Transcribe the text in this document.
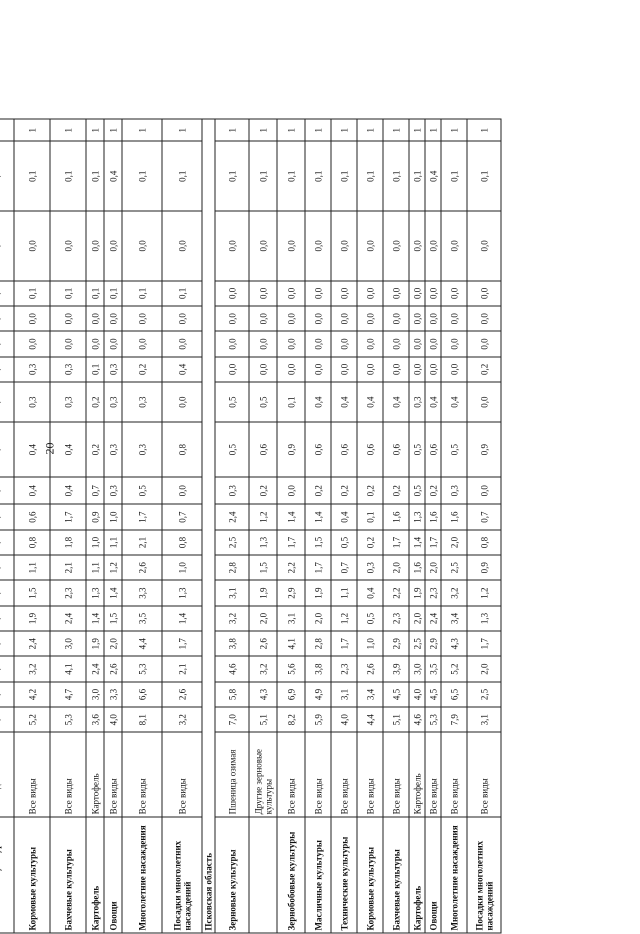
20

Кормовые культуры	Все виды	5,2	4,2	3,2	2,4	1,9	1,5	1,1	0,8	0,6	0,4	0,4	0,3	0,3	0,0	0,0	0,1	0,0	0,1	1
Бахчевые культуры	Все виды	5,3	4,7	4,1	3,0	2,4	2,3	2,1	1,8	1,7	0,4	0,4	0,3	0,3	0,0	0,0	0,1	0,0	0,1	1
Картофель	Картофель	3,6	3,0	2,4	1,9	1,4	1,3	1,1	1,0	0,9	0,7	0,2	0,2	0,1	0,0	0,0	0,1	0,0	0,1	1
Овощи	Все виды	4,0	3,3	2,6	2,0	1,5	1,4	1,2	1,1	1,0	0,3	0,3	0,3	0,3	0,0	0,0	0,1	0,0	0,4	1
Многолетние насаждения	Все виды	8,1	6,6	5,3	4,4	3,5	3,3	2,6	2,1	1,7	0,5	0,3	0,3	0,2	0,0	0,0	0,1	0,0	0,1	1
Посадки многолетних насаждений	Все виды	3,2	2,6	2,1	1,7	1,4	1,3	1,0	0,8	0,7	0,0	0,8	0,0	0,4	0,0	0,0	0,1	0,0	0,1	1
Псковская область																				
Зерновые культуры	Пшеница озимая	7,0	5,8	4,6	3,8	3,2	3,1	2,8	2,5	2,4	0,3	0,5	0,5	0,0	0,0	0,0	0,0	0,0	0,1	1
	Другие зерновые культуры	5,1	4,3	3,2	2,6	2,0	1,9	1,5	1,3	1,2	0,2	0,6	0,5	0,0	0,0	0,0	0,0	0,0	0,1	1
Зернобобовые культуры	Все виды	8,2	6,9	5,6	4,1	3,1	2,9	2,2	1,7	1,4	0,0	0,9	0,1	0,0	0,0	0,0	0,0	0,0	0,1	1
Масличные культуры	Все виды	5,9	4,9	3,8	2,8	2,0	1,9	1,7	1,5	1,4	0,2	0,6	0,4	0,0	0,0	0,0	0,0	0,0	0,1	1
Технические культуры	Все виды	4,0	3,1	2,3	1,7	1,2	1,1	0,7	0,5	0,4	0,2	0,6	0,4	0,0	0,0	0,0	0,0	0,0	0,1	1
Кормовые культуры	Все виды	4,4	3,4	2,6	1,0	0,5	0,4	0,3	0,2	0,1	0,2	0,6	0,4	0,0	0,0	0,0	0,0	0,0	0,1	1
Бахчевые культуры	Все виды	5,1	4,5	3,9	2,9	2,3	2,2	2,0	1,7	1,6	0,2	0,6	0,4	0,0	0,0	0,0	0,0	0,0	0,1	1
Картофель	Картофель	4,6	4,0	3,0	2,5	2,0	1,9	1,6	1,4	1,3	0,5	0,5	0,3	0,0	0,0	0,0	0,0	0,0	0,1	1
Овощи	Все виды	5,3	4,5	3,5	2,9	2,4	2,3	2,0	1,7	1,6	0,2	0,6	0,4	0,0	0,0	0,0	0,0	0,0	0,4	1
Многолетние насаждения	Все виды	7,9	6,5	5,2	4,3	3,4	3,2	2,5	2,0	1,6	0,3	0,5	0,4	0,0	0,0	0,0	0,0	0,0	0,1	1
Посадки многолетних насаждений	Все виды	3,1	2,5	2,0	1,7	1,3	1,2	0,9	0,8	0,7	0,0	0,9	0,0	0,2	0,0	0,0	0,0	0,0	0,1	1
